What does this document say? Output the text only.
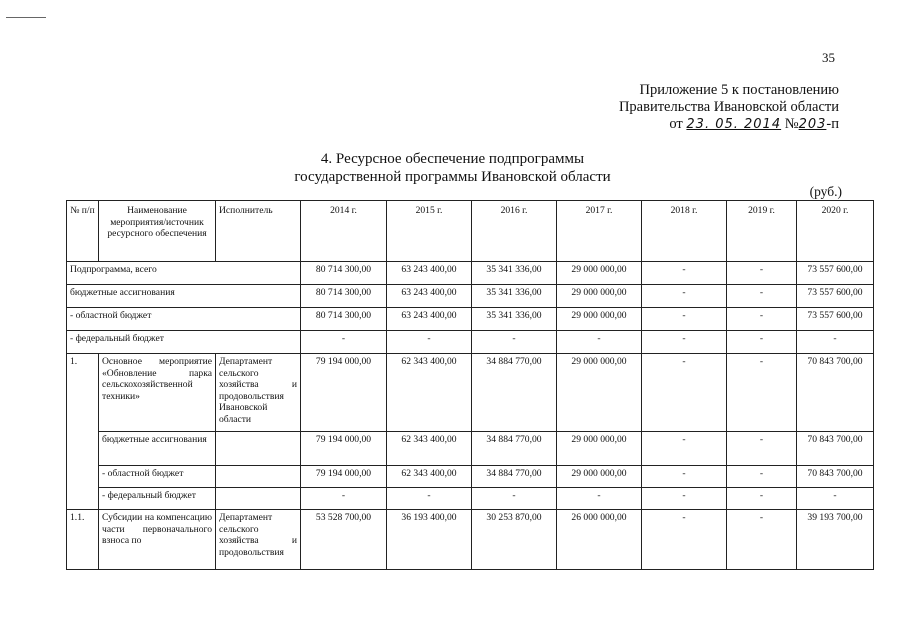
35
Приложение 5 к постановлению
Правительства Ивановской области
от 23. 05. 2014 №203-п
4. Ресурсное обеспечение подпрограммы
государственной программы Ивановской области
(руб.)
№ п/п	Наименование мероприятия/источник ресурсного обеспечения	Исполнитель	2014 г.	2015 г.	2016 г.	2017 г.	2018 г.	2019 г.	2020 г.
Подпрограмма, всего			80 714 300,00	63 243 400,00	35 341 336,00	29 000 000,00	-	-	73 557 600,00
бюджетные ассигнования			80 714 300,00	63 243 400,00	35 341 336,00	29 000 000,00	-	-	73 557 600,00
- областной бюджет			80 714 300,00	63 243 400,00	35 341 336,00	29 000 000,00	-	-	73 557 600,00
- федеральный бюджет			-	-	-	-	-	-	-
1.	Основное мероприятие «Обновление парка сельскохозяйственной техники»	Департамент сельского хозяйства и продовольствия Ивановской области	79 194 000,00	62 343 400,00	34 884 770,00	29 000 000,00	-	-	70 843 700,00
	бюджетные ассигнования		79 194 000,00	62 343 400,00	34 884 770,00	29 000 000,00	-	-	70 843 700,00
	- областной бюджет		79 194 000,00	62 343 400,00	34 884 770,00	29 000 000,00	-	-	70 843 700,00
	- федеральный бюджет		-	-	-	-	-	-	-
1.1.	Субсидии на компенсацию части первоначального взноса по	Департамент сельского хозяйства и продовольствия	53 528 700,00	36 193 400,00	30 253 870,00	26 000 000,00	-	-	39 193 700,00
